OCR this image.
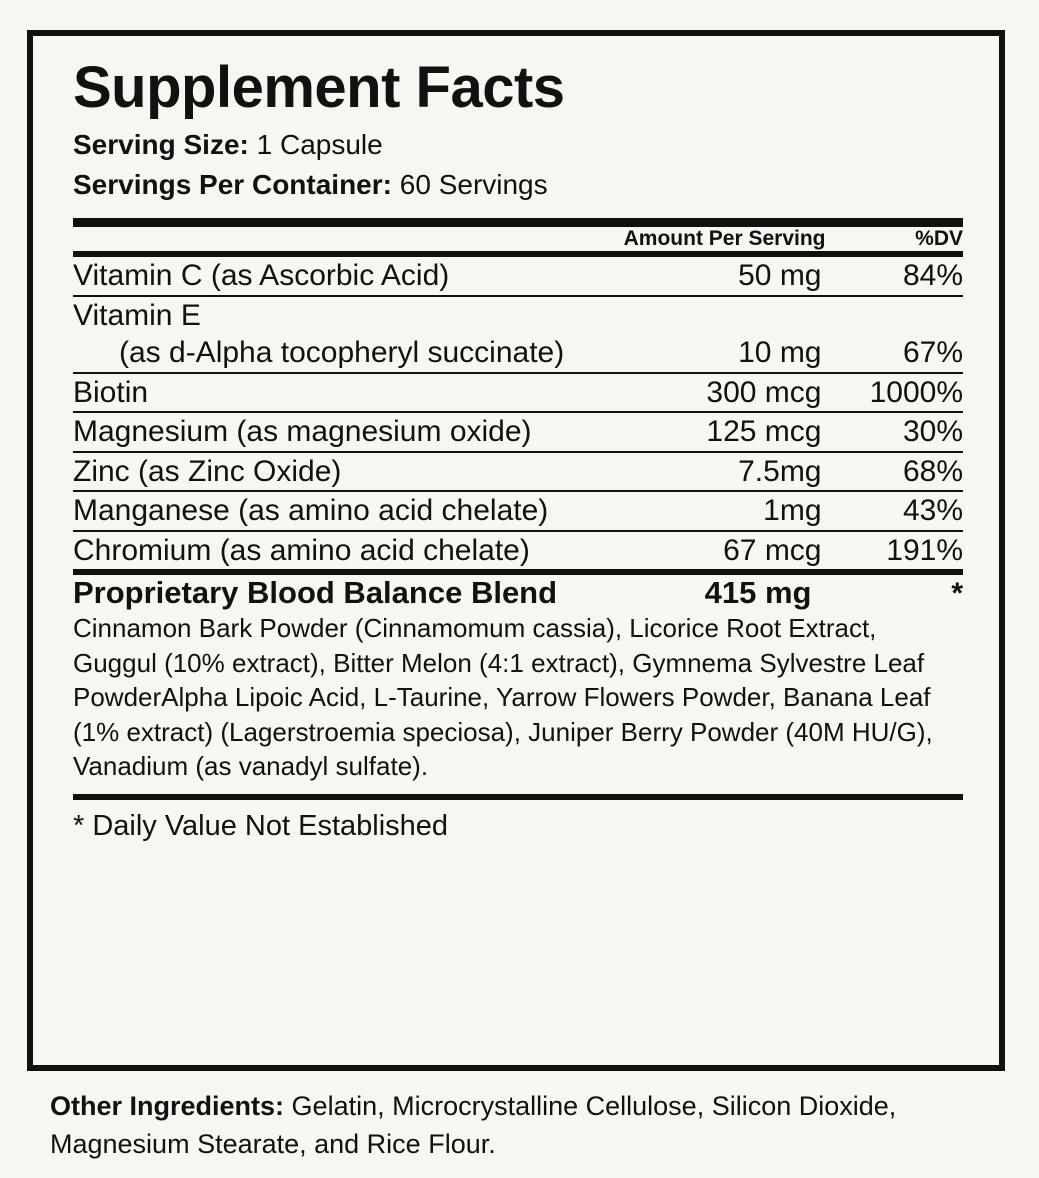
Supplement Facts
Serving Size: 1 Capsule
Servings Per Container: 60 Servings
	Amount Per Serving	%DV
Vitamin C (as Ascorbic Acid)	50 mg	84%

Vitamin E
(as d-Alpha tocopheryl succinate)	10 mg	67%

Biotin	300 mcg	1000%

Magnesium (as magnesium oxide)	125 mcg	30%

Zinc (as Zinc Oxide)	7.5mg	68%

Manganese (as amino acid chelate)	1mg	43%

Chromium (as amino acid chelate)	67 mcg	191%
Proprietary Blood Balance Blend	415 mg	*
Cinnamon Bark Powder (Cinnamomum cassia), Licorice Root Extract, Guggul (10% extract), Bitter Melon (4:1 extract), Gymnema Sylvestre Leaf PowderAlpha Lipoic Acid, L-Taurine, Yarrow Flowers Powder, Banana Leaf (1% extract) (Lagerstroemia speciosa), Juniper Berry Powder (40M HU/G), Vanadium (as vanadyl sulfate).
* Daily Value Not Established
Other Ingredients: Gelatin, Microcrystalline Cellulose, Silicon Dioxide, Magnesium Stearate, and Rice Flour.
